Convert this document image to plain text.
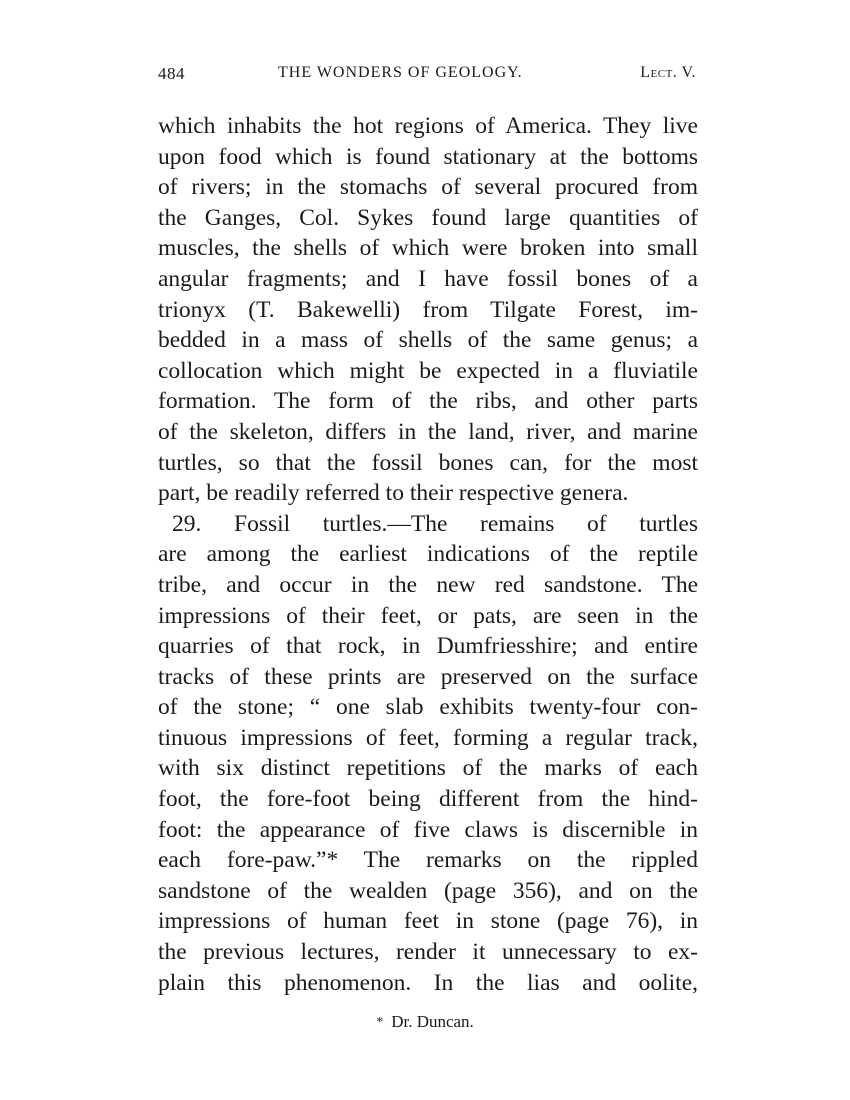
484	THE WONDERS OF GEOLOGY.	Lect. V.
which inhabits the hot regions of America. They live
upon food which is found stationary at the bottoms
of rivers; in the stomachs of several procured from
the Ganges, Col. Sykes found large quantities of
muscles, the shells of which were broken into small
angular fragments; and I have fossil bones of a
trionyx (T. Bakewelli) from Tilgate Forest, im-
bedded in a mass of shells of the same genus; a
collocation which might be expected in a fluviatile
formation. The form of the ribs, and other parts
of the skeleton, differs in the land, river, and marine
turtles, so that the fossil bones can, for the most
part, be readily referred to their respective genera.
29. Fossil turtles.—The remains of turtles
are among the earliest indications of the reptile
tribe, and occur in the new red sandstone. The
impressions of their feet, or pats, are seen in the
quarries of that rock, in Dumfriesshire; and entire
tracks of these prints are preserved on the surface
of the stone; “ one slab exhibits twenty-four con-
tinuous impressions of feet, forming a regular track,
with six distinct repetitions of the marks of each
foot, the fore-foot being different from the hind-
foot: the appearance of five claws is discernible in
each fore-paw.”* The remarks on the rippled
sandstone of the wealden (page 356), and on the
impressions of human feet in stone (page 76), in
the previous lectures, render it unnecessary to ex-
plain this phenomenon. In the lias and oolite,
* Dr. Duncan.
